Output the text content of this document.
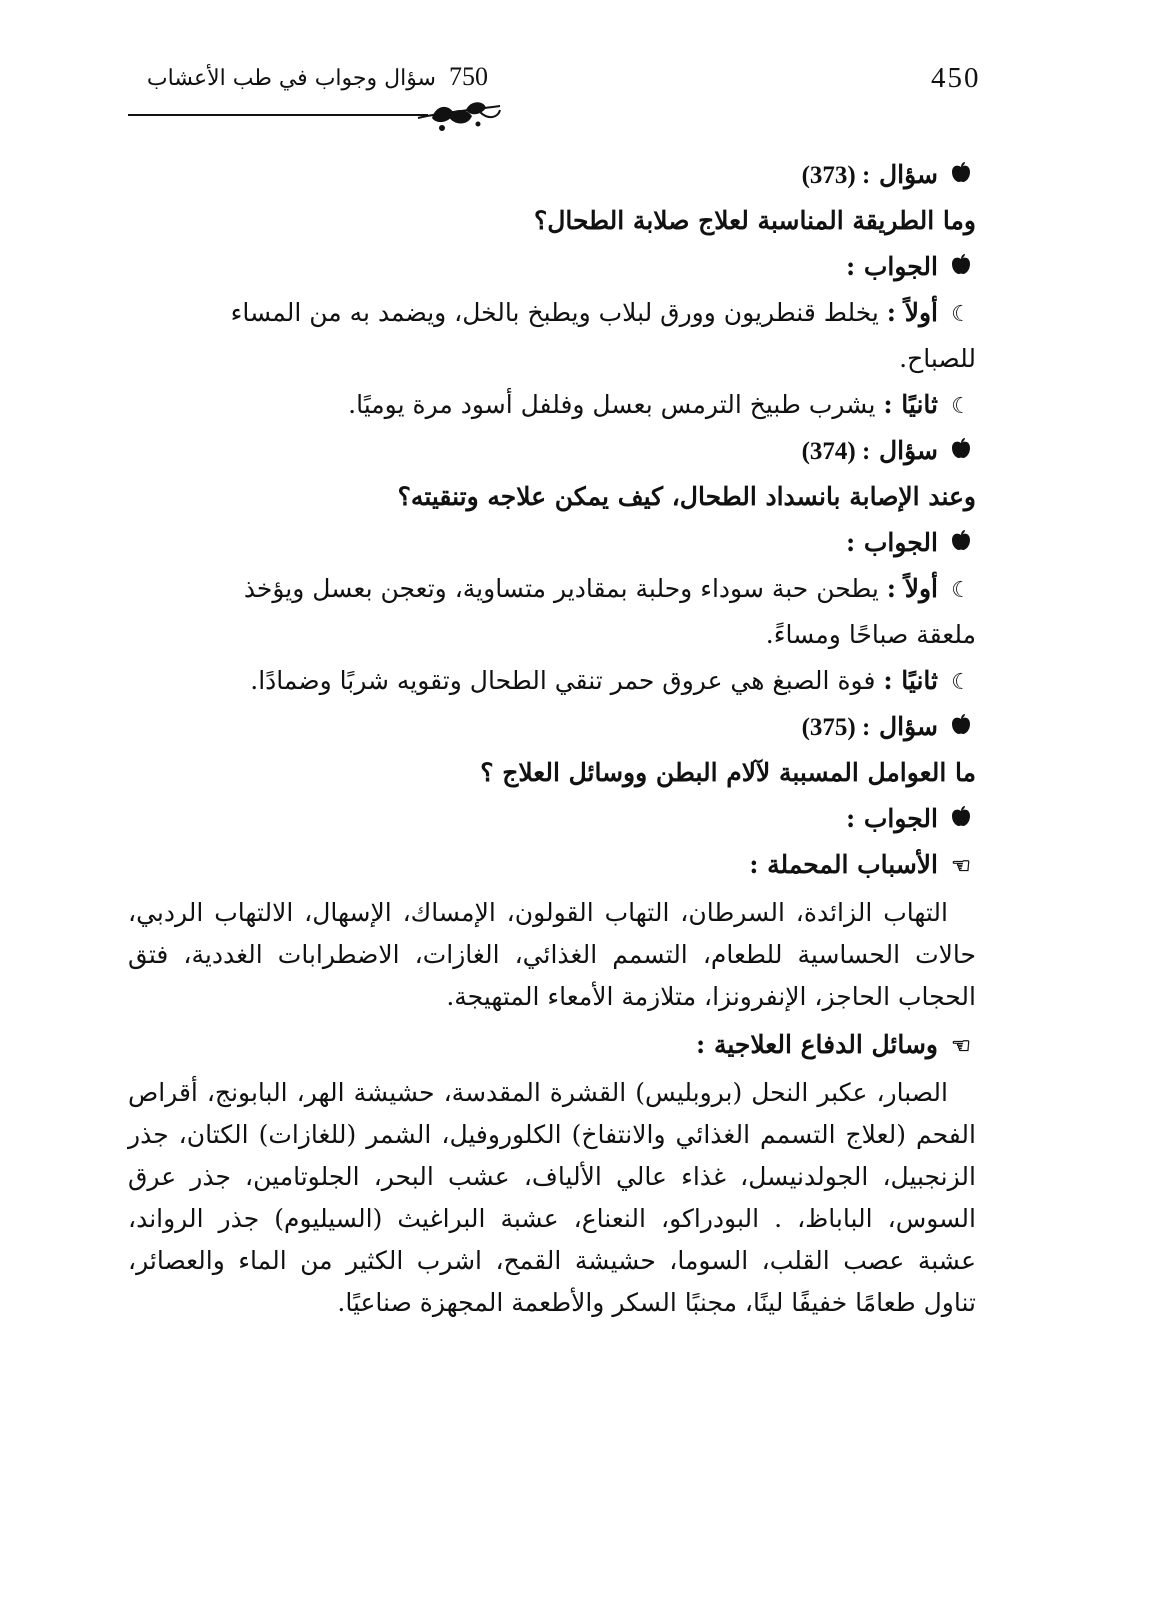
450
750 سؤال وجواب في طب الأعشاب
سؤال (373) :
وما الطريقة المناسبة لعلاج صلابة الطحال؟
الجواب :
☾أولاً : يخلط قنطريون وورق لبلاب ويطبخ بالخل، ويضمد به من المساء
للصباح.
☾ثانيًا : يشرب طبيخ الترمس بعسل وفلفل أسود مرة يوميًا.
سؤال (374) :
وعند الإصابة بانسداد الطحال، كيف يمكن علاجه وتنقيته؟
الجواب :
☾أولاً : يطحن حبة سوداء وحلبة بمقادير متساوية، وتعجن بعسل ويؤخذ
ملعقة صباحًا ومساءً.
☾ثانيًا : فوة الصبغ هي عروق حمر تنقي الطحال وتقويه شربًا وضمادًا.
سؤال (375) :
ما العوامل المسببة لآلام البطن ووسائل العلاج ؟
الجواب :
☜الأسباب المحملة :

التهاب الزائدة، السرطان، التهاب القولون، الإمساك، الإسهال، الالتهاب الردبي، حالات الحساسية للطعام، التسمم الغذائي، الغازات، الاضطرابات الغددية، فتق الحجاب الحاجز، الإنفرونزا، متلازمة الأمعاء المتهيجة.

☜وسائل الدفاع العلاجية :

الصبار، عكبر النحل (بروبليس) القشرة المقدسة، حشيشة الهر، البابونج، أقراص الفحم (لعلاج التسمم الغذائي والانتفاخ) الكلوروفيل، الشمر (للغازات) الكتان، جذر الزنجبيل، الجولدنيسل، غذاء عالي الألياف، عشب البحر، الجلوتامين، جذر عرق السوس، الباباظ، . البودراكو، النعناع، عشبة البراغيث (السيليوم) جذر الرواند، عشبة عصب القلب، السوما، حشيشة القمح، اشرب الكثير من الماء والعصائر، تناول طعامًا خفيفًا لينًا، مجنبًا السكر والأطعمة المجهزة صناعيًا.
